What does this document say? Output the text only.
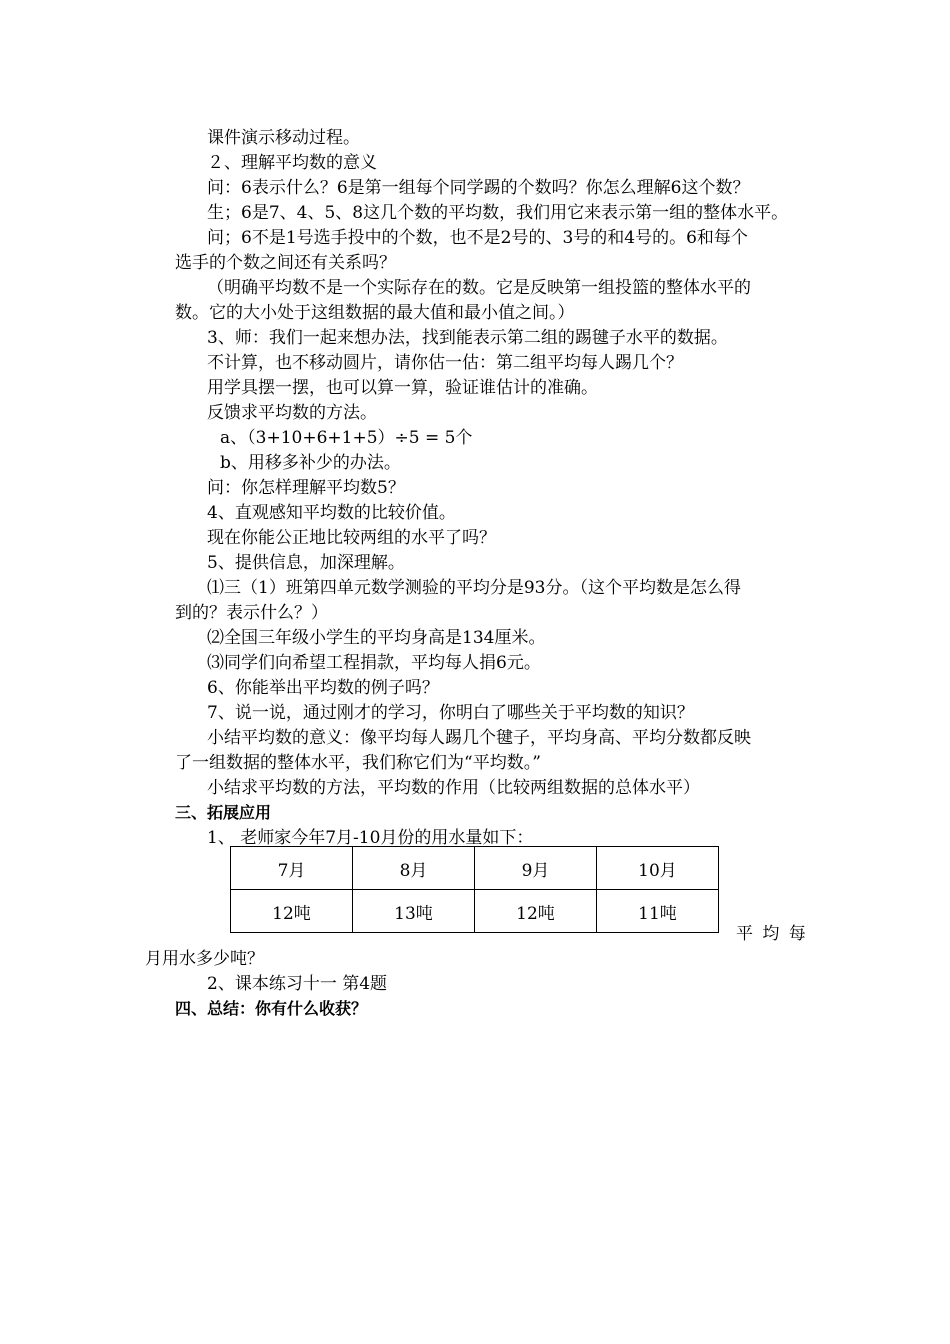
课件演示移动过程。
２、理解平均数的意义
问：6表示什么？6是第一组每个同学踢的个数吗？你怎么理解6这个数？
生；6是7、4、5、8这几个数的平均数，我们用它来表示第一组的整体水平。
问；6不是1号选手投中的个数，也不是2号的、3号的和4号的。6和每个
选手的个数之间还有关系吗？
（明确平均数不是一个实际存在的数。它是反映第一组投篮的整体水平的
数。它的大小处于这组数据的最大值和最小值之间。）
3、师：我们一起来想办法，找到能表示第二组的踢毽子水平的数据。
不计算，也不移动圆片，请你估一估：第二组平均每人踢几个？
用学具摆一摆，也可以算一算，验证谁估计的准确。
反馈求平均数的方法。
a、（3+10+6+1+5）÷5 = 5个
b、用移多补少的办法。
问：你怎样理解平均数5？
4、直观感知平均数的比较价值。
现在你能公正地比较两组的水平了吗？
5、提供信息，加深理解。
⑴三（1）班第四单元数学测验的平均分是93分。（这个平均数是怎么得
到的？表示什么？）
⑵全国三年级小学生的平均身高是134厘米。
⑶同学们向希望工程捐款，平均每人捐6元。
6、你能举出平均数的例子吗？
7、说一说，通过刚才的学习，你明白了哪些关于平均数的知识？
小结平均数的意义：像平均每人踢几个毽子，平均身高、平均分数都反映
了一组数据的整体水平，我们称它们为“平均数。”
小结求平均数的方法，平均数的作用（比较两组数据的总体水平）
三、拓展应用
1、 老师家今年7月-10月份的用水量如下：
7月	8月	9月	10月
12吨	13吨	12吨	11吨
平 均 每
月用水多少吨？
2、课本练习十一 第4题
四、总结：你有什么收获？
